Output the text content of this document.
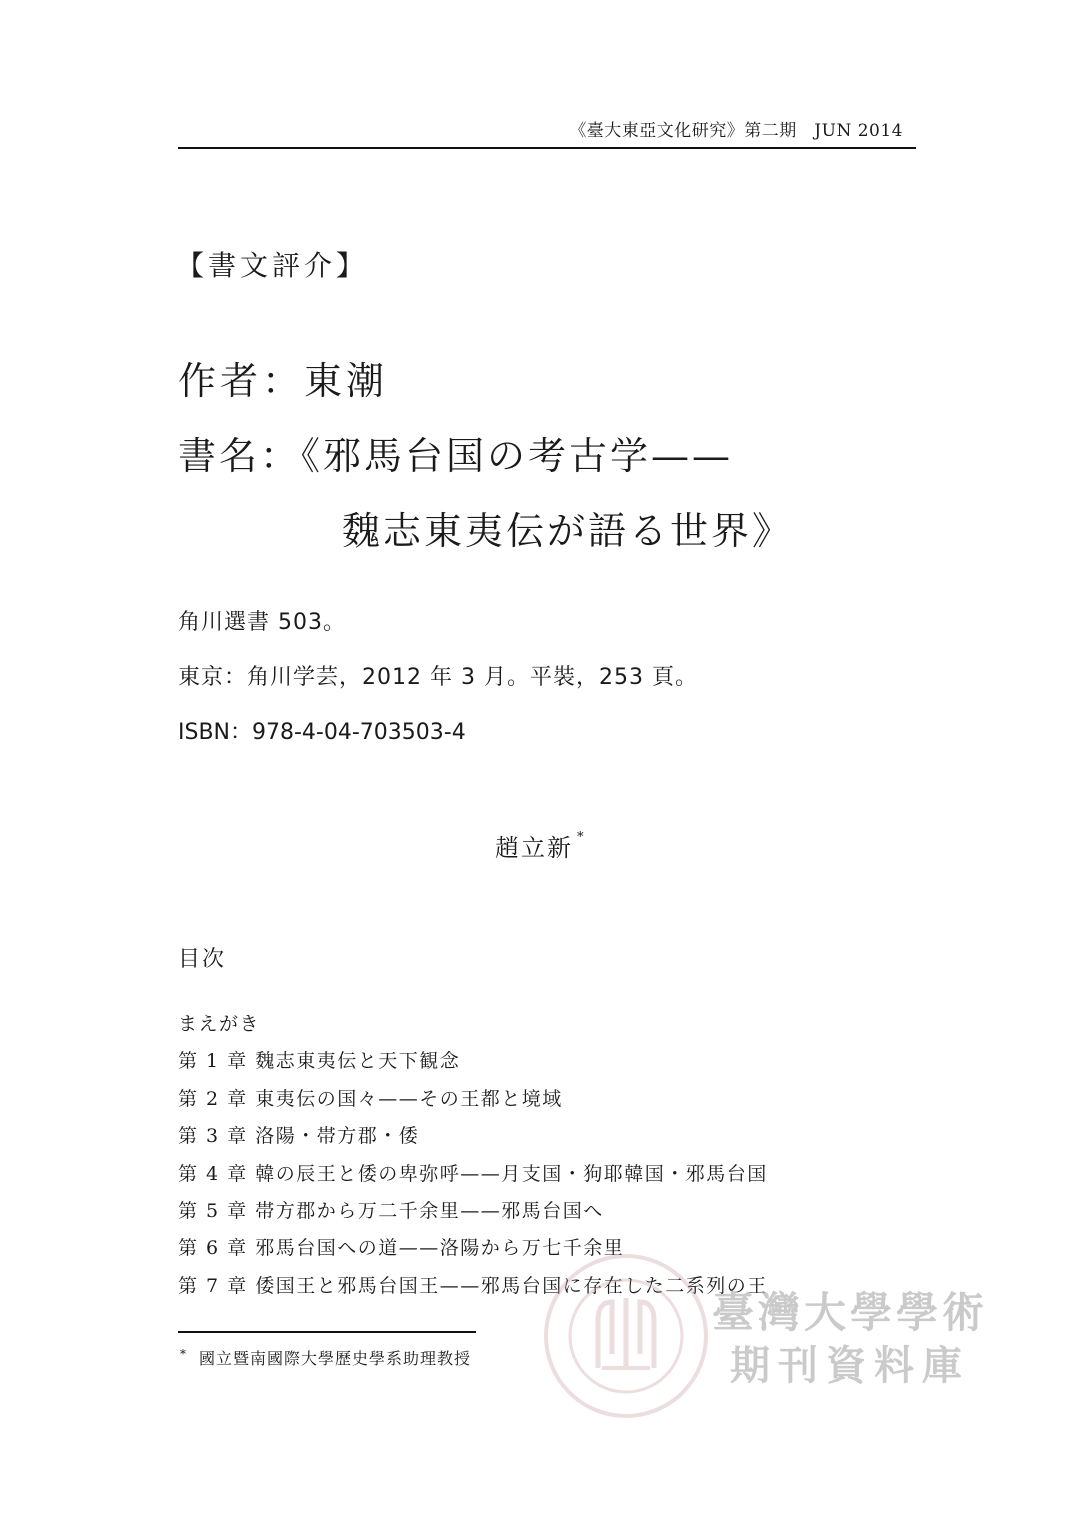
《臺大東亞文化研究》第二期　JUN 2014
【書文評介】
作者：東潮
書名：《邪馬台国の考古学——
魏志東夷伝が語る世界》
角川選書 503。
東京：角川学芸，2012 年 3 月。平裝，253 頁。
ISBN：978-4-04-703503-4
趙立新 *
目次
まえがき
第 1 章 魏志東夷伝と天下観念
第 2 章 東夷伝の国々——その王都と境域
第 3 章 洛陽・帯方郡・倭
第 4 章 韓の辰王と倭の卑弥呼——月支国・狗耶韓国・邪馬台国
第 5 章 帯方郡から万二千余里——邪馬台国へ
第 6 章 邪馬台国への道——洛陽から万七千余里
第 7 章 倭国王と邪馬台国王——邪馬台国に存在した二系列の王
臺灣大學學術
期刊資料庫
* 國立暨南國際大學歷史學系助理教授
